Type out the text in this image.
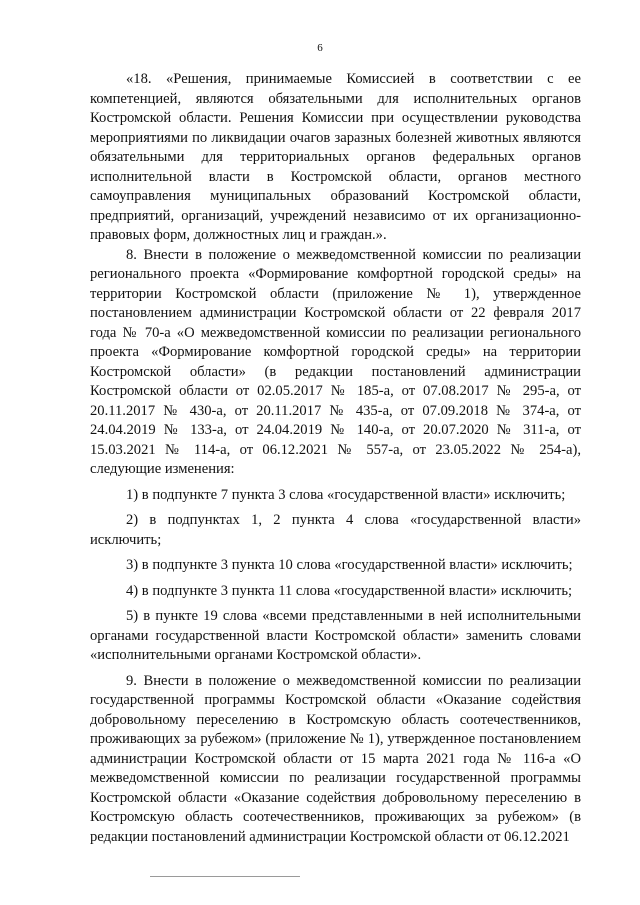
6

«18. «Решения, принимаемые Комиссией в соответствии с ее компетенцией, являются обязательными для исполнительных органов Костромской области. Решения Комиссии при осуществлении руководства мероприятиями по ликвидации очагов заразных болезней животных являются обязательными для территориальных органов федеральных органов исполнительной власти в Костромской области, органов местного самоуправления муниципальных образований Костромской области, предприятий, организаций, учреждений независимо от их организационно-правовых форм, должностных лиц и граждан.».

8. Внести в положение о межведомственной комиссии по реализации регионального проекта «Формирование комфортной городской среды» на территории Костромской области (приложение № 1), утвержденное постановлением администрации Костромской области от 22 февраля 2017 года № 70-а «О межведомственной комиссии по реализации регионального проекта «Формирование комфортной городской среды» на территории Костромской области» (в редакции постановлений администрации Костромской области от 02.05.2017 № 185-а, от 07.08.2017 № 295-а, от 20.11.2017 № 430-а, от 20.11.2017 № 435-а, от 07.09.2018 № 374-а, от 24.04.2019 № 133-а, от 24.04.2019 № 140-а, от 20.07.2020 № 311-а, от 15.03.2021 № 114-а, от 06.12.2021 № 557-а, от 23.05.2022 № 254-а), следующие изменения:

1) в подпункте 7 пункта 3 слова «государственной власти» исключить;

2) в подпунктах 1, 2 пункта 4 слова «государственной власти» исключить;

3) в подпункте 3 пункта 10 слова «государственной власти» исключить;

4) в подпункте 3 пункта 11 слова «государственной власти» исключить;

5) в пункте 19 слова «всеми представленными в ней исполнительными органами государственной власти Костромской области» заменить словами «исполнительными органами Костромской области».

9. Внести в положение о межведомственной комиссии по реализации государственной программы Костромской области «Оказание содействия добровольному переселению в Костромскую область соотечественников, проживающих за рубежом» (приложение № 1), утвержденное постановлением администрации Костромской области от 15 марта 2021 года № 116-а «О межведомственной комиссии по реализации государственной программы Костромской области «Оказание содействия добровольному переселению в Костромскую область соотечественников, проживающих за рубежом» (в редакции постановлений администрации Костромской области от 06.12.2021
